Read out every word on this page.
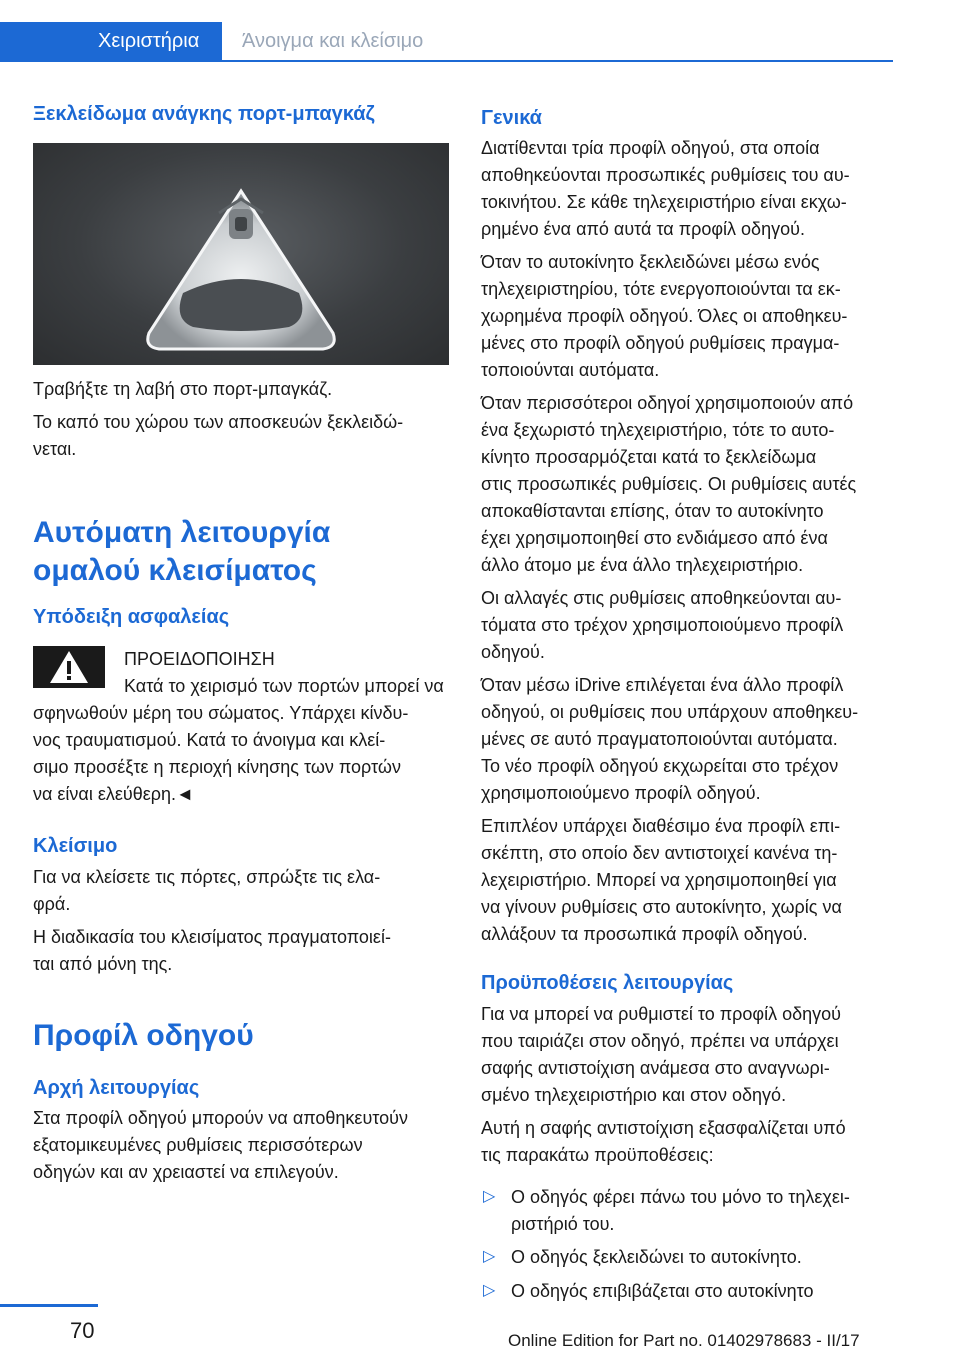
Χειριστήρια Άνοιγμα και κλείσιμο
Ξεκλείδωμα ανάγκης πορτ-μπαγκάζ

Τραβήξτε τη λαβή στο πορτ-μπαγκάζ.

Το καπό του χώρου των αποσκευών ξεκλειδώ-

νεται.

Αυτόματη λειτουργία
ομαλού κλεισίματος
Υπόδειξη ασφαλείας

ΠΡΟΕΙΔΟΠΟΙΗΣΗ

Κατά το χειρισμό των πορτών μπορεί να

σφηνωθούν μέρη του σώματος. Υπάρχει κίνδυ-

νος τραυματισμού. Κατά το άνοιγμα και κλεί-

σιμο προσέξτε η περιοχή κίνησης των πορτών

να είναι ελεύθερη.◄

Κλείσιμο

Για να κλείσετε τις πόρτες, σπρώξτε τις ελα-

φρά.

Η διαδικασία του κλεισίματος πραγματοποιεί-

ται από μόνη της.

Προφίλ οδηγού
Αρχή λειτουργίας

Στα προφίλ οδηγού μπορούν να αποθηκευτούν

εξατομικευμένες ρυθμίσεις περισσότερων

οδηγών και αν χρειαστεί να επιλεγούν.

Γενικά

Διατίθενται τρία προφίλ οδηγού, στα οποία

αποθηκεύονται προσωπικές ρυθμίσεις του αυ-

τοκινήτου. Σε κάθε τηλεχειριστήριο είναι εκχω-

ρημένο ένα από αυτά τα προφίλ οδηγού.

Όταν το αυτοκίνητο ξεκλειδώνει μέσω ενός

τηλεχειριστηρίου, τότε ενεργοποιούνται τα εκ-

χωρημένα προφίλ οδηγού. Όλες οι αποθηκευ-

μένες στο προφίλ οδηγού ρυθμίσεις πραγμα-

τοποιούνται αυτόματα.

Όταν περισσότεροι οδηγοί χρησιμοποιούν από

ένα ξεχωριστό τηλεχειριστήριο, τότε το αυτο-

κίνητο προσαρμόζεται κατά το ξεκλείδωμα

στις προσωπικές ρυθμίσεις. Οι ρυθμίσεις αυτές

αποκαθίστανται επίσης, όταν το αυτοκίνητο

έχει χρησιμοποιηθεί στο ενδιάμεσο από ένα

άλλο άτομο με ένα άλλο τηλεχειριστήριο.

Οι αλλαγές στις ρυθμίσεις αποθηκεύονται αυ-

τόματα στο τρέχον χρησιμοποιούμενο προφίλ

οδηγού.

Όταν μέσω iDrive επιλέγεται ένα άλλο προφίλ

οδηγού, οι ρυθμίσεις που υπάρχουν αποθηκευ-

μένες σε αυτό πραγματοποιούνται αυτόματα.

Το νέο προφίλ οδηγού εκχωρείται στο τρέχον

χρησιμοποιούμενο προφίλ οδηγού.

Επιπλέον υπάρχει διαθέσιμο ένα προφίλ επι-

σκέπτη, στο οποίο δεν αντιστοιχεί κανένα τη-

λεχειριστήριο. Μπορεί να χρησιμοποιηθεί για

να γίνουν ρυθμίσεις στο αυτοκίνητο, χωρίς να

αλλάξουν τα προσωπικά προφίλ οδηγού.

Προϋποθέσεις λειτουργίας

Για να μπορεί να ρυθμιστεί το προφίλ οδηγού

που ταιριάζει στον οδηγό, πρέπει να υπάρχει

σαφής αντιστοίχιση ανάμεσα στο αναγνωρι-

σμένο τηλεχειριστήριο και στον οδηγό.

Αυτή η σαφής αντιστοίχιση εξασφαλίζεται υπό

τις παρακάτω προϋποθέσεις:

▷ Ο οδηγός φέρει πάνω του μόνο το τηλεχει-
ριστήριό του.
▷ Ο οδηγός ξεκλειδώνει το αυτοκίνητο.
▷ Ο οδηγός επιβιβάζεται στο αυτοκίνητο
70	Online Edition for Part no. 01402978683 - II/17
